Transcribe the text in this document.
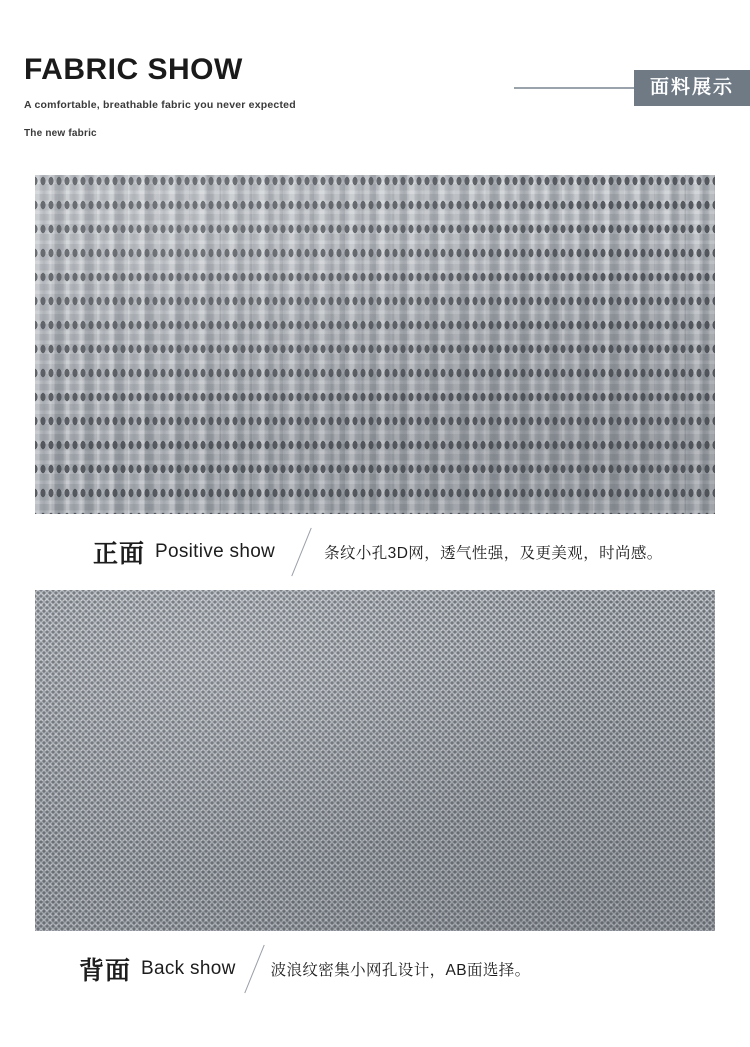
FABRIC SHOW
A comfortable, breathable fabric you never expected
The new fabric
面料展示
正面 Positive show	条纹小孔3D网，透气性强，及更美观，时尚感。
背面 Back show 波浪纹密集小网孔设计，AB面选择。
